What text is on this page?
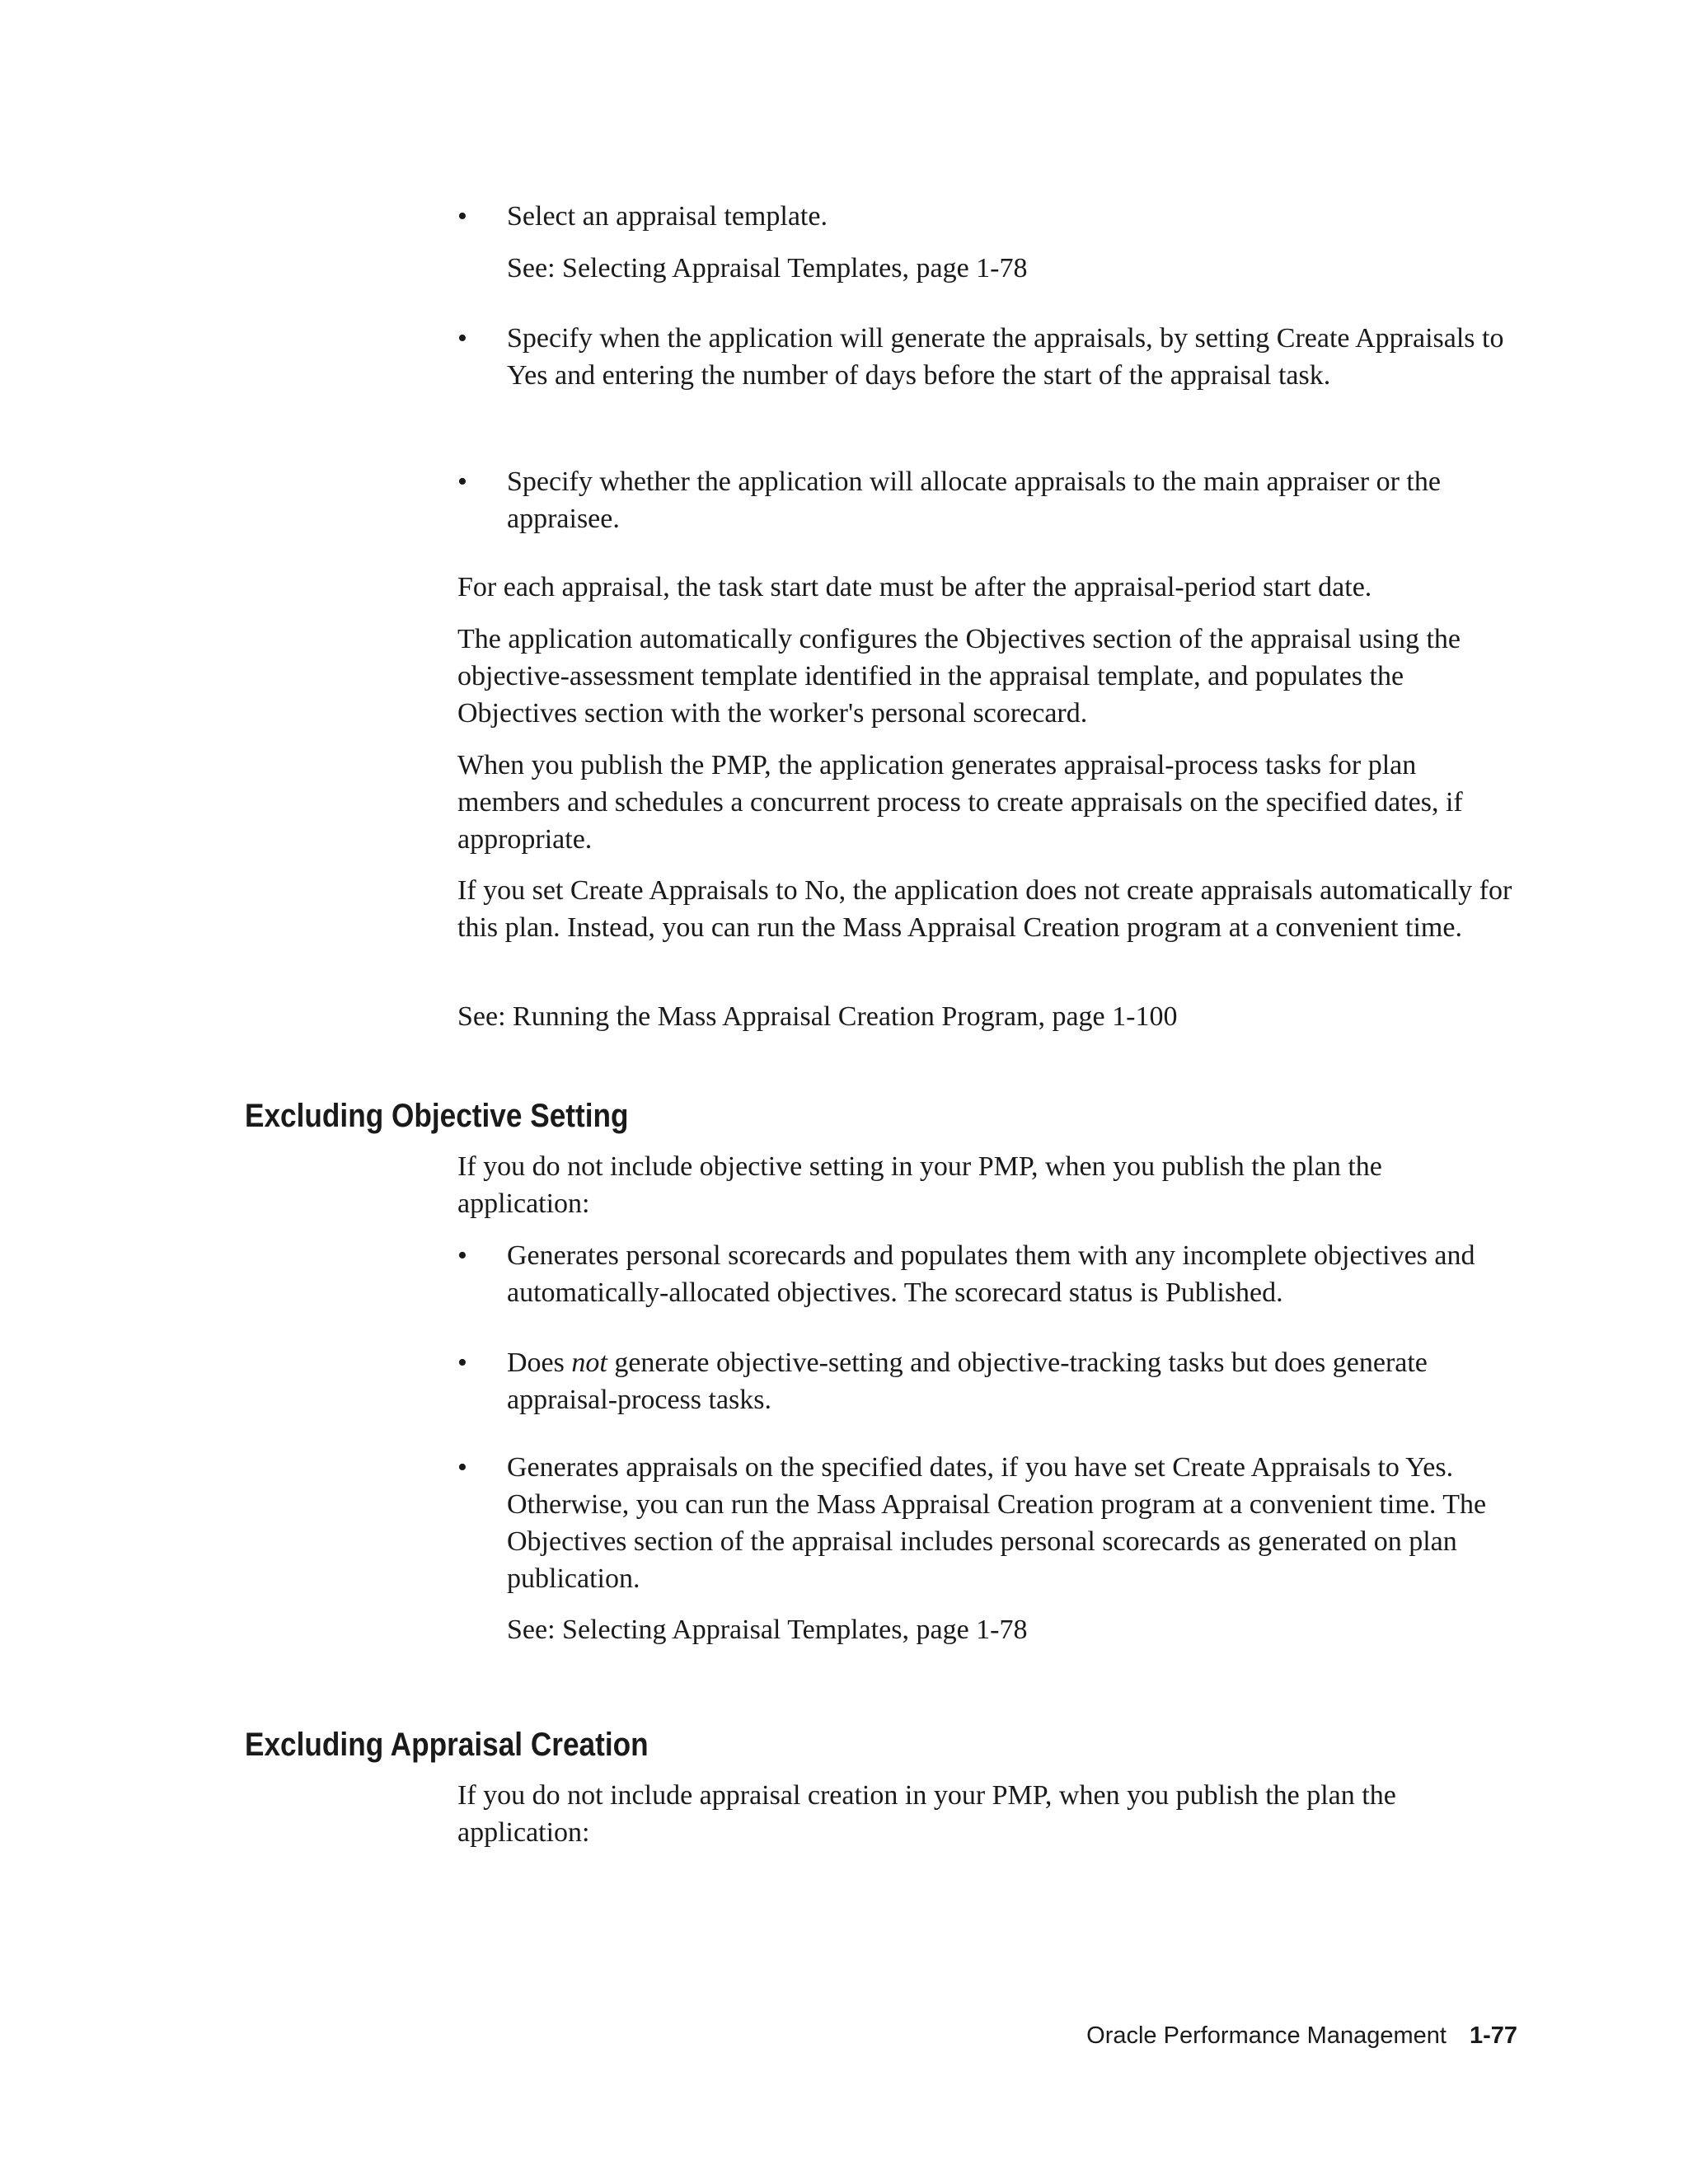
• Select an appraisal template.
See: Selecting Appraisal Templates, page 1-78
• Specify when the application will generate the appraisals, by setting Create Appraisals to Yes and entering the number of days before the start of the appraisal task.
• Specify whether the application will allocate appraisals to the main appraiser or the appraisee.

For each appraisal, the task start date must be after the appraisal-period start date.

The application automatically configures the Objectives section of the appraisal using the objective-assessment template identified in the appraisal template, and populates the Objectives section with the worker's personal scorecard.

When you publish the PMP, the application generates appraisal-process tasks for plan members and schedules a concurrent process to create appraisals on the specified dates, if appropriate.

If you set Create Appraisals to No, the application does not create appraisals automatically for this plan. Instead, you can run the Mass Appraisal Creation program at a convenient time.

See: Running the Mass Appraisal Creation Program, page 1-100

If you do not include objective setting in your PMP, when you publish the plan the application:

• Generates personal scorecards and populates them with any incomplete objectives and automatically-allocated objectives. The scorecard status is Published.
• Does not generate objective-setting and objective-tracking tasks but does generate appraisal-process tasks.
• Generates appraisals on the specified dates, if you have set Create Appraisals to Yes. Otherwise, you can run the Mass Appraisal Creation program at a convenient time. The Objectives section of the appraisal includes personal scorecards as generated on plan publication.
See: Selecting Appraisal Templates, page 1-78

If you do not include appraisal creation in your PMP, when you publish the plan the application:

Excluding Objective Setting
Excluding Appraisal Creation
Oracle Performance Management 1-77
